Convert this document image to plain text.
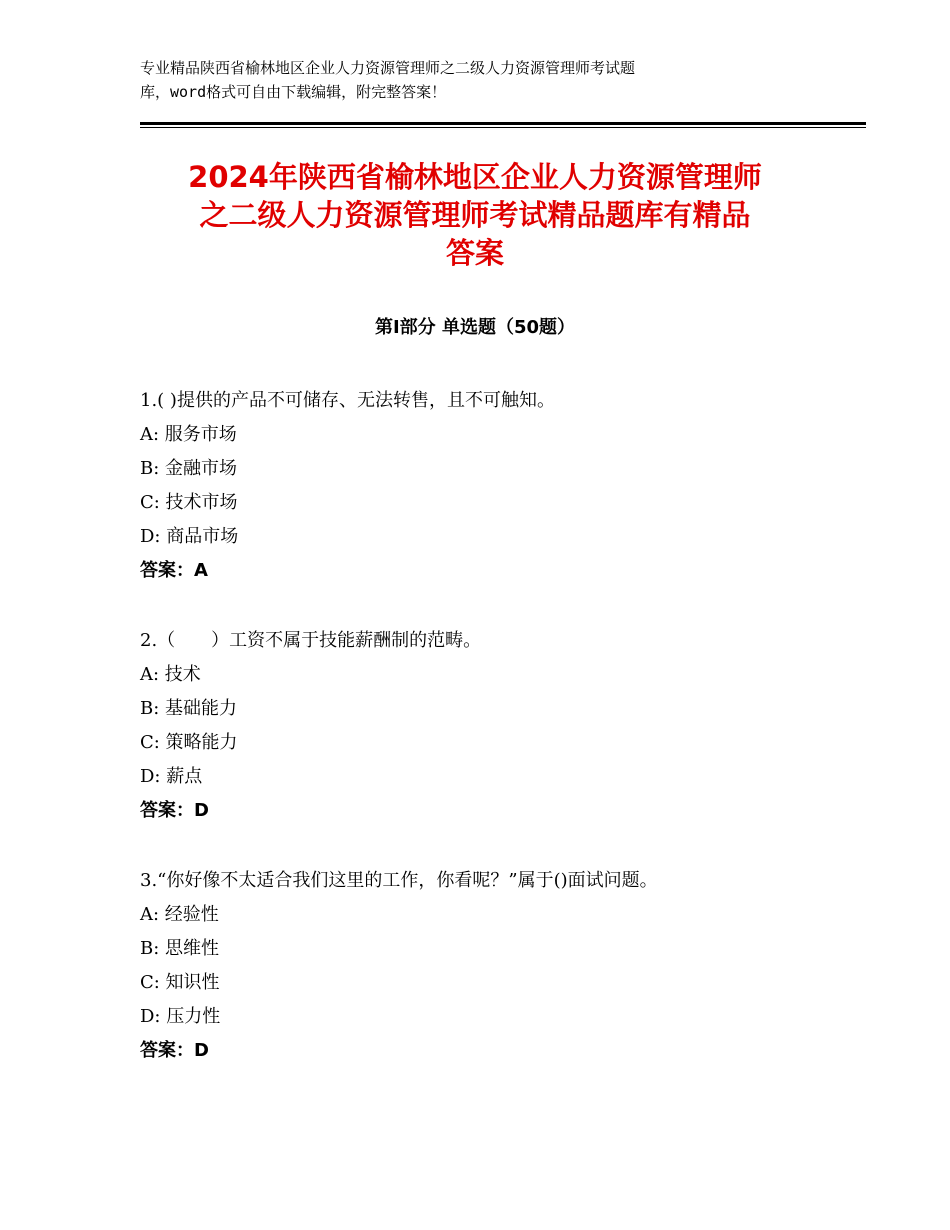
专业精品陕西省榆林地区企业人力资源管理师之二级人力资源管理师考试题
库，word格式可自由下载编辑，附完整答案！
2024年陕西省榆林地区企业人力资源管理师
之二级人力资源管理师考试精品题库有精品
答案
第Ⅰ部分 单选题（50题）
1.( )提供的产品不可储存、无法转售，且不可触知。
A: 服务市场
B: 金融市场
C: 技术市场
D: 商品市场
答案：A
2.（　　）工资不属于技能薪酬制的范畴。
A: 技术
B: 基础能力
C: 策略能力
D: 薪点
答案：D
3.“你好像不太适合我们这里的工作，你看呢？”属于()面试问题。
A: 经验性
B: 思维性
C: 知识性
D: 压力性
答案：D
